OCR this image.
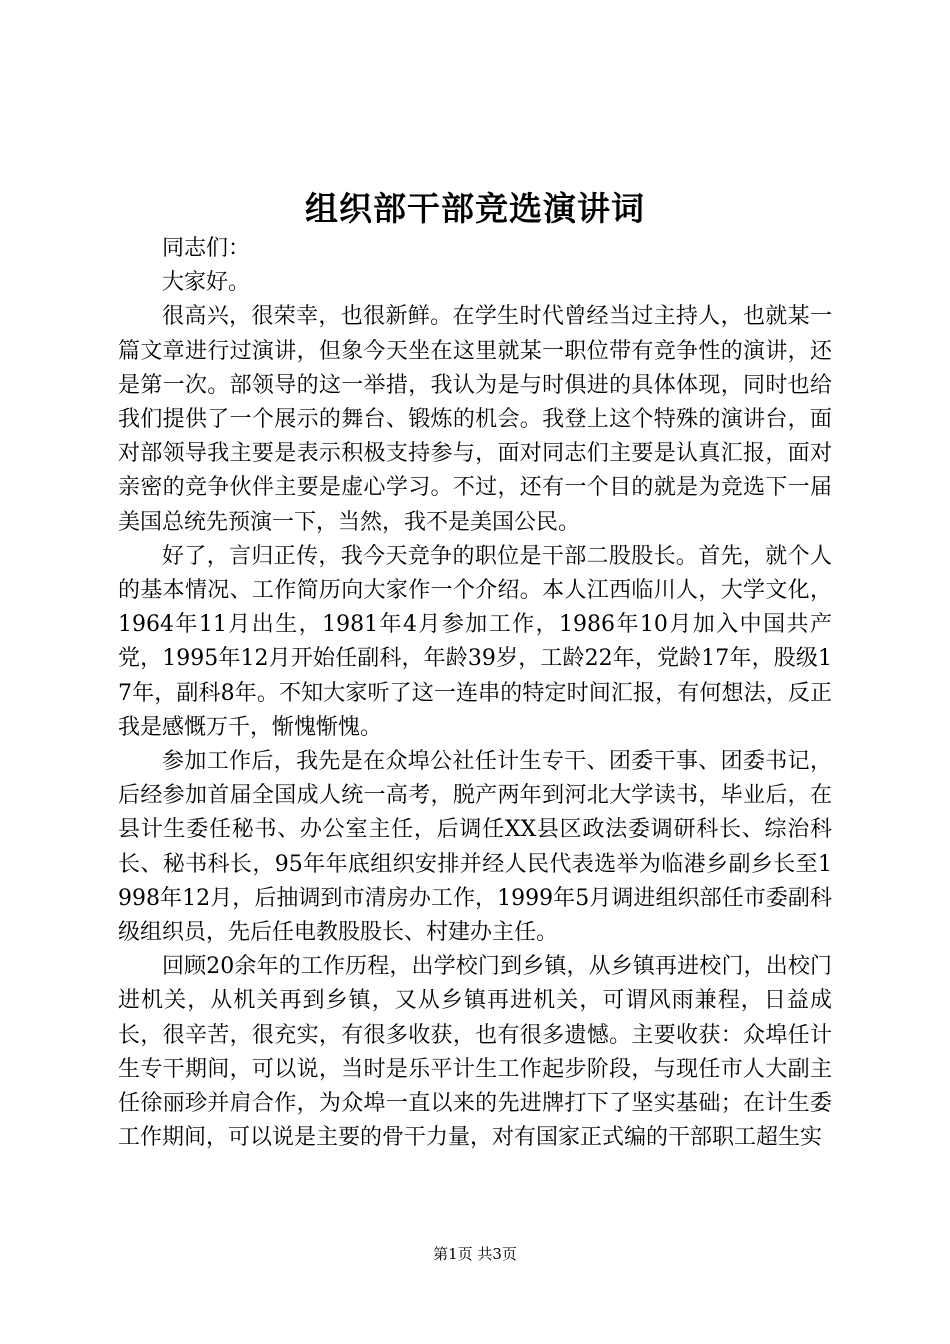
组织部干部竞选演讲词

同志们：

大家好。

很高兴，很荣幸，也很新鲜。在学生时代曾经当过主持人，也就某一篇文章进行过演讲，但象今天坐在这里就某一职位带有竞争性的演讲，还是第一次。部领导的这一举措，我认为是与时俱进的具体体现，同时也给我们提供了一个展示的舞台、锻炼的机会。我登上这个特殊的演讲台，面对部领导我主要是表示积极支持参与，面对同志们主要是认真汇报，面对亲密的竞争伙伴主要是虚心学习。不过，还有一个目的就是为竞选下一届美国总统先预演一下，当然，我不是美国公民。

好了，言归正传，我今天竞争的职位是干部二股股长。首先，就个人的基本情况、工作简历向大家作一个介绍。本人江西临川人，大学文化，1964年11月出生，1981年4月参加工作，1986年10月加入中国共产党，1995年12月开始任副科，年龄39岁，工龄22年，党龄17年，股级17年，副科8年。不知大家听了这一连串的特定时间汇报，有何想法，反正我是感慨万千，惭愧惭愧。

参加工作后，我先是在众埠公社任计生专干、团委干事、团委书记，后经参加首届全国成人统一高考，脱产两年到河北大学读书，毕业后，在县计生委任秘书、办公室主任，后调任XX县区政法委调研科长、综治科长、秘书科长，95年年底组织安排并经人民代表选举为临港乡副乡长至1998年12月，后抽调到市清房办工作，1999年5月调进组织部任市委副科级组织员，先后任电教股股长、村建办主任。

回顾20余年的工作历程，出学校门到乡镇，从乡镇再进校门，出校门进机关，从机关再到乡镇，又从乡镇再进机关，可谓风雨兼程，日益成长，很辛苦，很充实，有很多收获，也有很多遗憾。主要收获：众埠任计生专干期间，可以说，当时是乐平计生工作起步阶段，与现任市人大副主任徐丽珍并肩合作，为众埠一直以来的先进牌打下了坚实基础；在计生委工作期间，可以说是主要的骨干力量，对有国家正式编的干部职工超生实

第1页 共3页
